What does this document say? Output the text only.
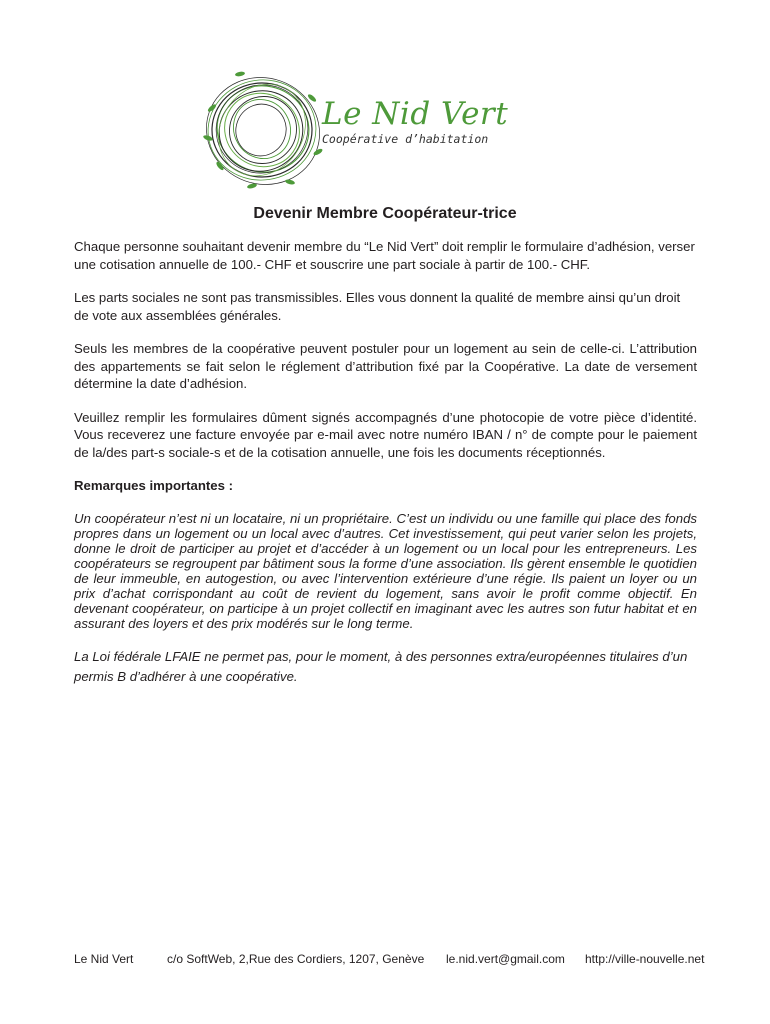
Le Nid Vert
Coopérative d’habitation
Devenir Membre Coopérateur-trice

Chaque personne souhaitant devenir membre du “Le Nid Vert” doit remplir le formulaire d’adhésion, verser une cotisation annuelle de 100.- CHF et souscrire une part sociale à partir de 100.- CHF.

Les parts sociales ne sont pas transmissibles. Elles vous donnent la qualité de membre ainsi qu’un droit de vote aux assemblées générales.

Seuls les membres de la coopérative peuvent postuler pour un logement au sein de celle-ci. L’attribution des appartements se fait selon le réglement d’attribution fixé par la Coopérative. La date de versement détermine la date d’adhésion.

Veuillez remplir les formulaires dûment signés accompagnés d’une photocopie de votre pièce d’identité. Vous receverez une facture envoyée par e-mail avec notre numéro IBAN / n° de compte pour le paiement de la/des part-s sociale-s et de la cotisation annuelle, une fois les documents réceptionnés.

Remarques importantes :

Un coopérateur n’est ni un locataire, ni un propriétaire. C’est un individu ou une famille qui place des fonds propres dans un logement ou un local avec d’autres. Cet investissement, qui peut varier selon les projets, donne le droit de participer au projet et d’accéder à un logement ou un local pour les entrepreneurs. Les coopérateurs se regroupent par bâtiment sous la forme d’une association. Ils gèrent ensemble le quotidien de leur immeuble, en autogestion, ou avec l’intervention extérieure d’une régie. Ils paient un loyer ou un prix d’achat corrispondant au coût de revient du logement, sans avoir le profit comme objectif. En devenant coopérateur, on participe à un projet collectif en imaginant avec les autres son futur habitat et en assurant des loyers et des prix modérés sur le long terme.

La Loi fédérale LFAIE ne permet pas, pour le moment, à des personnes extra/européennes titulaires d’un permis B d’adhérer à une coopérative.

Le Nid Vert	c/o SoftWeb, 2,Rue des Cordiers, 1207, Genève le.nid.vert@gmail.com http://ville-nouvelle.net
